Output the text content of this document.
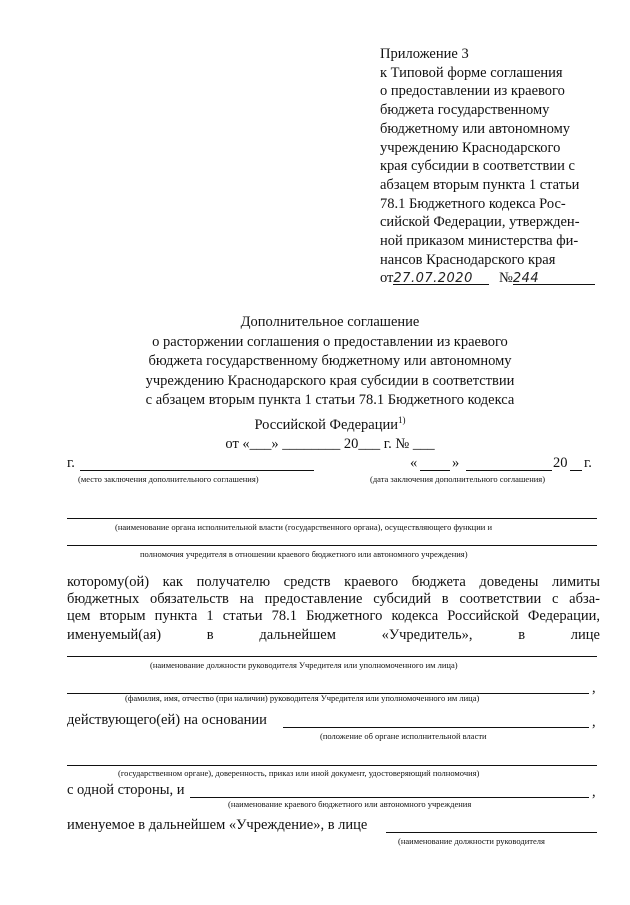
Приложение 3
к Типовой форме соглашения
о предоставлении из краевого
бюджета государственному
бюджетному или автономному
учреждению Краснодарского
края субсидии в соответствии с
абзацем вторым пункта 1 статьи
78.1 Бюджетного кодекса Рос-
сийской Федерации, утвержден-
ной приказом министерства фи-
нансов Краснодарского края
от27.07.2020 №244
Дополнительное соглашение
о расторжении соглашения о предоставлении из краевого
бюджета государственному бюджетному или автономному
учреждению Краснодарского края субсидии в соответствии
с абзацем вторым пункта 1 статьи 78.1 Бюджетного кодекса
Российской Федерации$^{1)}$
от «___» ________ 20___ г. № ___
г.
(место заключения дополнительного соглашения)
« »	20 г.
(дата заключения дополнительного соглашения)
(наименование органа исполнительной власти (государственного органа), осуществляющего функции и
полномочия учредителя в отношении краевого бюджетного или автономного учреждения)
которому(ой) как получателю средств краевого бюджета доведены лимиты
бюджетных обязательств на предоставление субсидий в соответствии с абза-
цем вторым пункта 1 статьи 78.1 Бюджетного кодекса Российской Федерации,
именуемый(ая)	в	дальнейшем	«Учредитель»,	в	лице
(наименование должности руководителя Учредителя или уполномоченного им лица)
,
(фамилия, имя, отчество (при наличии) руководителя Учредителя или уполномоченного им лица)
действующего(ей) на основании	,
(положение об органе исполнительной власти
(государственном органе), доверенность, приказ или иной документ, удостоверяющий полномочия)
с одной стороны, и	,
(наименование краевого бюджетного или автономного учреждения
именуемое в дальнейшем «Учреждение», в лице
(наименование должности руководителя
